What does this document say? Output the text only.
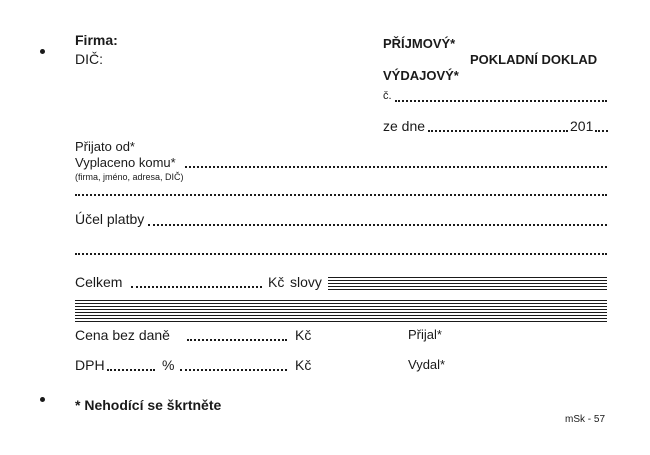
Firma:
DIČ:
PŘÍJMOVÝ*
POKLADNÍ DOKLAD
VÝDAJOVÝ*
č.
ze dne	201
Přijato od*
Vyplaceno komu*
(firma, jméno, adresa, DIČ)
Účel platby
Celkem	Kč slovy
Cena bez daně	Kč	Přijal*
DPH	%	Kč	Vydal*
* Nehodící se škrtněte
mSk - 57
